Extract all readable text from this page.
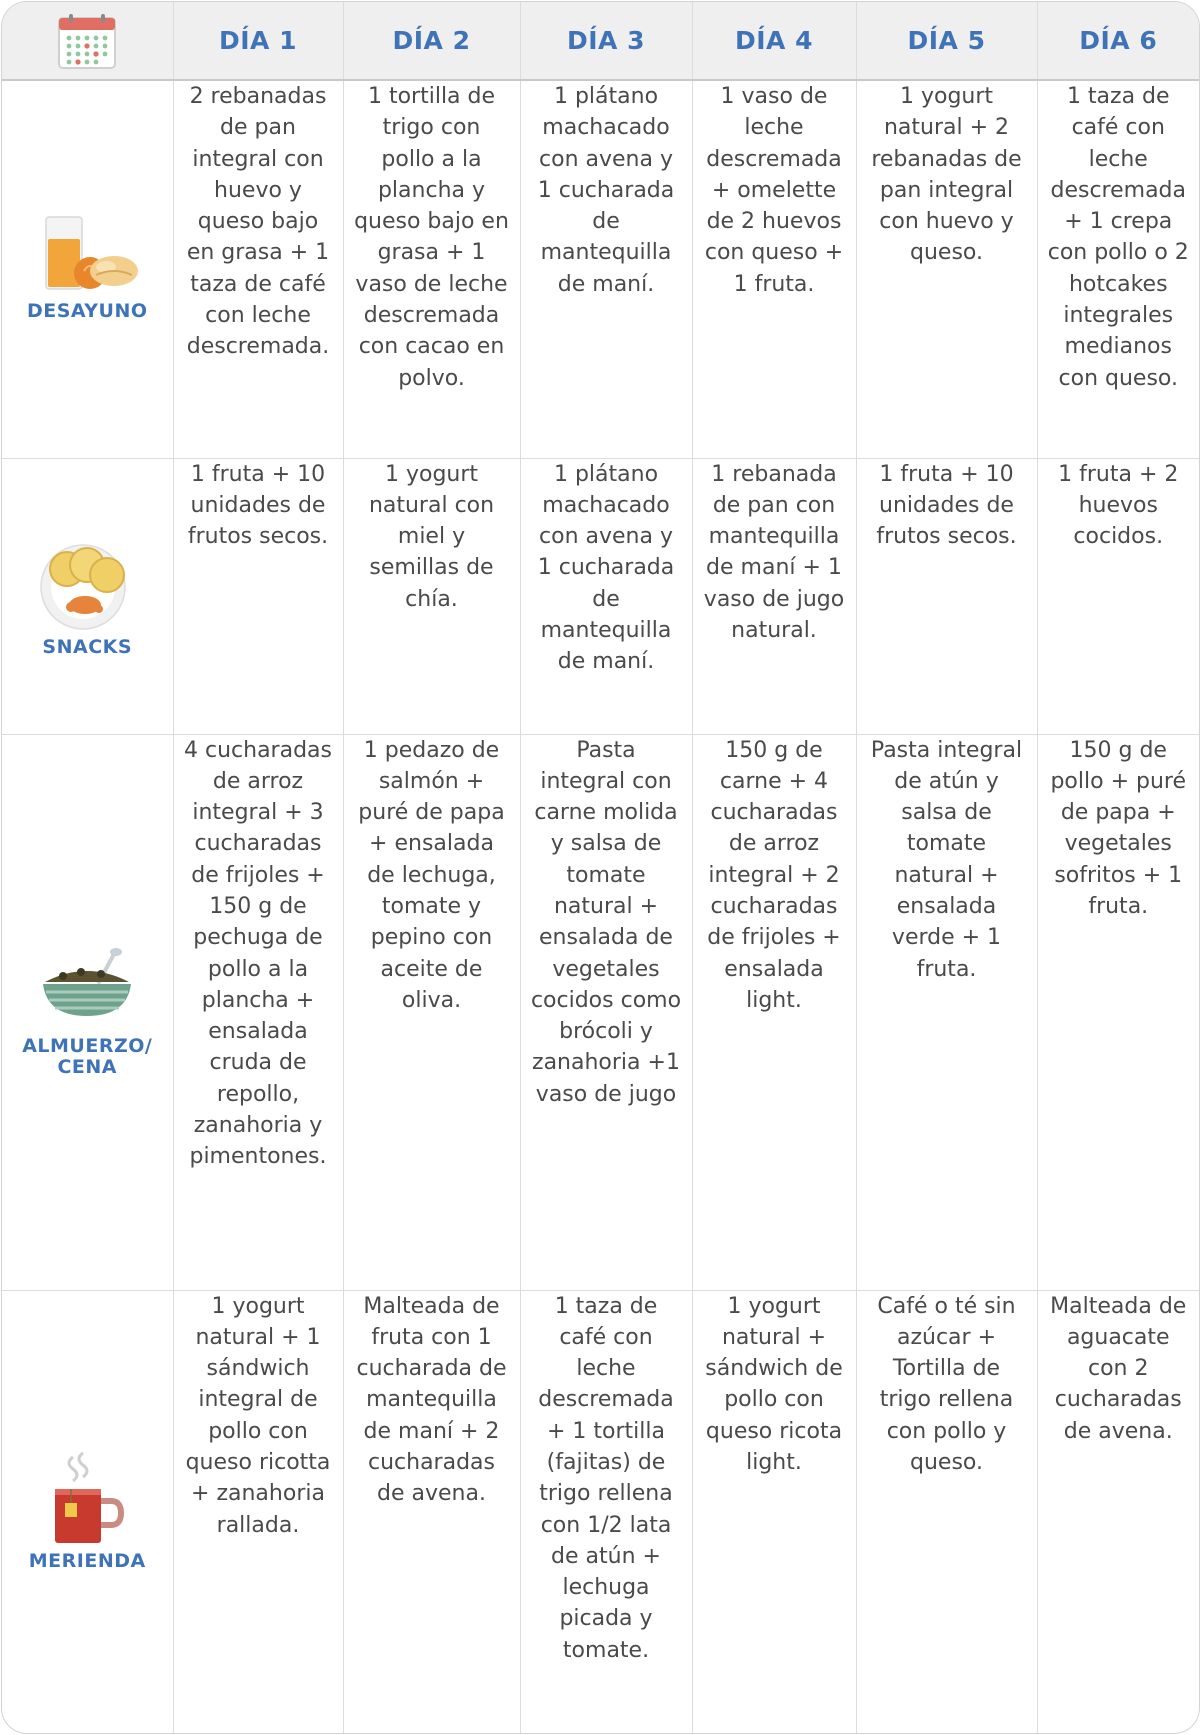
	DÍA 1	DÍA 2	DÍA 3	DÍA 4	DÍA 5	DÍA 6

DESAYUNO	2 rebanadas de pan integral con huevo y queso bajo en grasa + 1 taza de café con leche descremada.	1 tortilla de trigo con pollo a la plancha y queso bajo en grasa + 1 vaso de leche descremada con cacao en polvo.	1 plátano machacado con avena y 1 cucharada de mantequilla de maní.	1 vaso de leche descremada + omelette de 2 huevos con queso + 1 fruta.	1 yogurt natural + 2 rebanadas de pan integral con huevo y queso.	1 taza de café con leche descremada + 1 crepa con pollo o 2 hotcakes integrales medianos con queso.

SNACKS	1 fruta + 10 unidades de frutos secos.	1 yogurt natural con miel y semillas de chía.	1 plátano machacado con avena y 1 cucharada de mantequilla de maní.	1 rebanada de pan con mantequilla de maní + 1 vaso de jugo natural.	1 fruta + 10 unidades de frutos secos.	1 fruta + 2 huevos cocidos.

ALMUERZO/ CENA	4 cucharadas de arroz integral + 3 cucharadas de frijoles + 150 g de pechuga de pollo a la plancha + ensalada cruda de repollo, zanahoria y pimentones.	1 pedazo de salmón + puré de papa + ensalada de lechuga, tomate y pepino con aceite de oliva.	Pasta integral con carne molida y salsa de tomate natural + ensalada de vegetales cocidos como brócoli y zanahoria +1 vaso de jugo	150 g de carne + 4 cucharadas de arroz integral + 2 cucharadas de frijoles + ensalada light.	Pasta integral de atún y salsa de tomate natural + ensalada verde + 1 fruta.	150 g de pollo + puré de papa + vegetales sofritos + 1 fruta.

MERIENDA	1 yogurt natural + 1 sándwich integral de pollo con queso ricotta + zanahoria rallada.	Malteada de fruta con 1 cucharada de mantequilla de maní + 2 cucharadas de avena.	1 taza de café con leche descremada + 1 tortilla (fajitas) de trigo rellena con 1/2 lata de atún + lechuga picada y tomate.	1 yogurt natural + sándwich de pollo con queso ricota light.	Café o té sin azúcar + Tortilla de trigo rellena con pollo y queso.	Malteada de aguacate con 2 cucharadas de avena.
